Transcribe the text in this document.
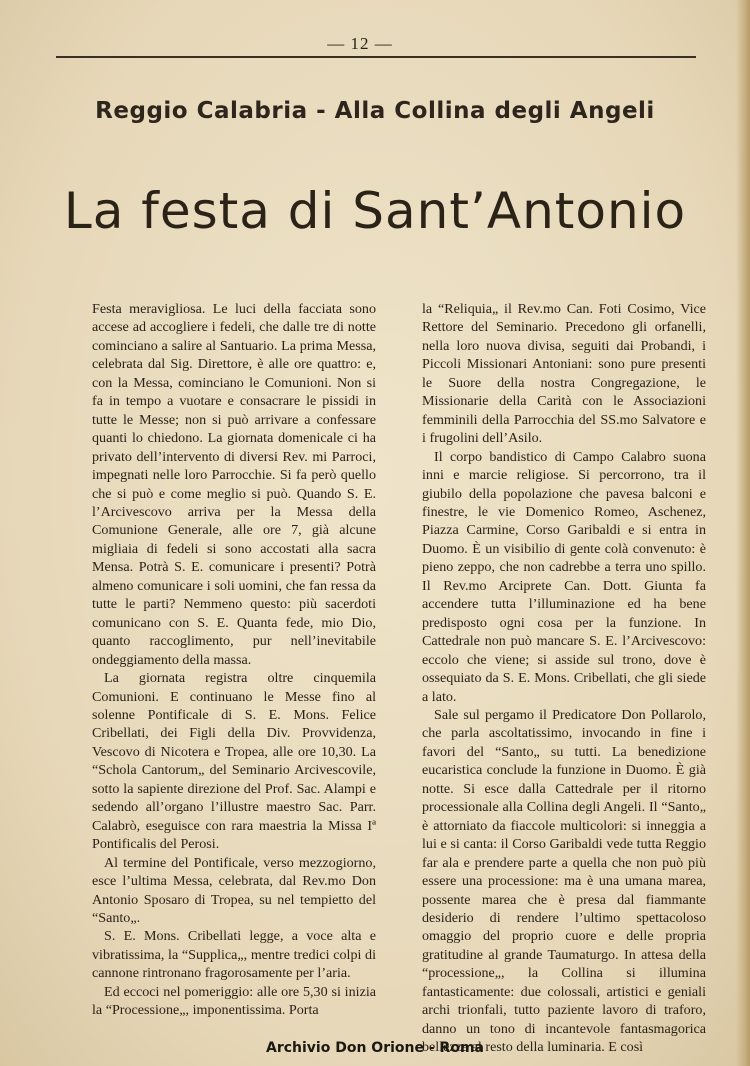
— 12 —
Reggio Calabria - Alla Collina degli Angeli
La festa di Sant’Antonio

Festa meravigliosa. Le luci della facciata sono accese ad accogliere i fedeli, che dalle tre di notte cominciano a salire al Santuario. La prima Messa, celebrata dal Sig. Direttore, è alle ore quattro: e, con la Messa, cominciano le Comunioni. Non si fa in tempo a vuotare e consacrare le pissidi in tutte le Messe; non si può arrivare a confessare quanti lo chiedono. La giornata domenicale ci ha privato dell’intervento di diversi Rev. mi Parroci, impegnati nelle loro Parrocchie. Si fa però quello che si può e come meglio si può. Quando S. E. l’Arcivescovo arriva per la Messa della Comunione Generale, alle ore 7, già alcune migliaia di fedeli si sono accostati alla sacra Mensa. Potrà S. E. comunicare i presenti? Potrà almeno comunicare i soli uomini, che fan ressa da tutte le parti? Nemmeno questo: più sacerdoti comunicano con S. E. Quanta fede, mio Dio, quanto raccoglimento, pur nell’inevitabile ondeggiamento della massa.

La giornata registra oltre cinquemila Comunioni. E continuano le Messe fino al solenne Pontificale di S. E. Mons. Felice Cribellati, dei Figli della Div. Provvidenza, Vescovo di Nicotera e Tropea, alle ore 10,30. La “Schola Cantorum„ del Seminario Arcivescovile, sotto la sapiente direzione del Prof. Sac. Alampi e sedendo all’organo l’illustre maestro Sac. Parr. Calabrò, eseguisce con rara maestria la Missa Iª Pontificalis del Perosi.

Al termine del Pontificale, verso mezzogiorno, esce l’ultima Messa, celebrata, dal Rev.mo Don Antonio Sposaro di Tropea, su nel tempietto del “Santo„.

S. E. Mons. Cribellati legge, a voce alta e vibratissima, la “Supplica„, mentre tredici colpi di cannone rintronano fragorosamente per l’aria.

Ed eccoci nel pomeriggio: alle ore 5,30 si inizia la “Processione„, imponentissima. Porta

la “Reliquia„ il Rev.mo Can. Foti Cosimo, Vice Rettore del Seminario. Precedono gli orfanelli, nella loro nuova divisa, seguiti dai Probandi, i Piccoli Missionari Antoniani: sono pure presenti le Suore della nostra Congregazione, le Missionarie della Carità con le Associazioni femminili della Parrocchia del SS.mo Salvatore e i frugolini dell’Asilo.

Il corpo bandistico di Campo Calabro suona inni e marcie religiose. Si percorrono, tra il giubilo della popolazione che pavesa balconi e finestre, le vie Domenico Romeo, Aschenez, Piazza Carmine, Corso Garibaldi e si entra in Duomo. È un visibilio di gente colà convenuto: è pieno zeppo, che non cadrebbe a terra uno spillo. Il Rev.mo Arciprete Can. Dott. Giunta fa accendere tutta l’illuminazione ed ha bene predisposto ogni cosa per la funzione. In Cattedrale non può mancare S. E. l’Arcivescovo: eccolo che viene; si asside sul trono, dove è ossequiato da S. E. Mons. Cribellati, che gli siede a lato.

Sale sul pergamo il Predicatore Don Pollarolo, che parla ascoltatissimo, invocando in fine i favori del “Santo„ su tutti. La benedizione eucaristica conclude la funzione in Duomo. È già notte. Si esce dalla Cattedrale per il ritorno processionale alla Collina degli Angeli. Il “Santo„ è attorniato da fiaccole multicolori: si inneggia a lui e si canta: il Corso Garibaldi vede tutta Reggio far ala e prendere parte a quella che non può più essere una processione: ma è una umana marea, possente marea che è presa dal fiammante desiderio di rendere l’ultimo spettacoloso omaggio del proprio cuore e delle propria gratitudine al grande Taumaturgo. In attesa della “processione„, la Collina si illumina fantasticamente: due colossali, artistici e geniali archi trionfali, tutto paziente lavoro di traforo, danno un tono di incantevole fantasmagorica bellezza al resto della luminaria. E così

Archivio Don Orione - Roma
